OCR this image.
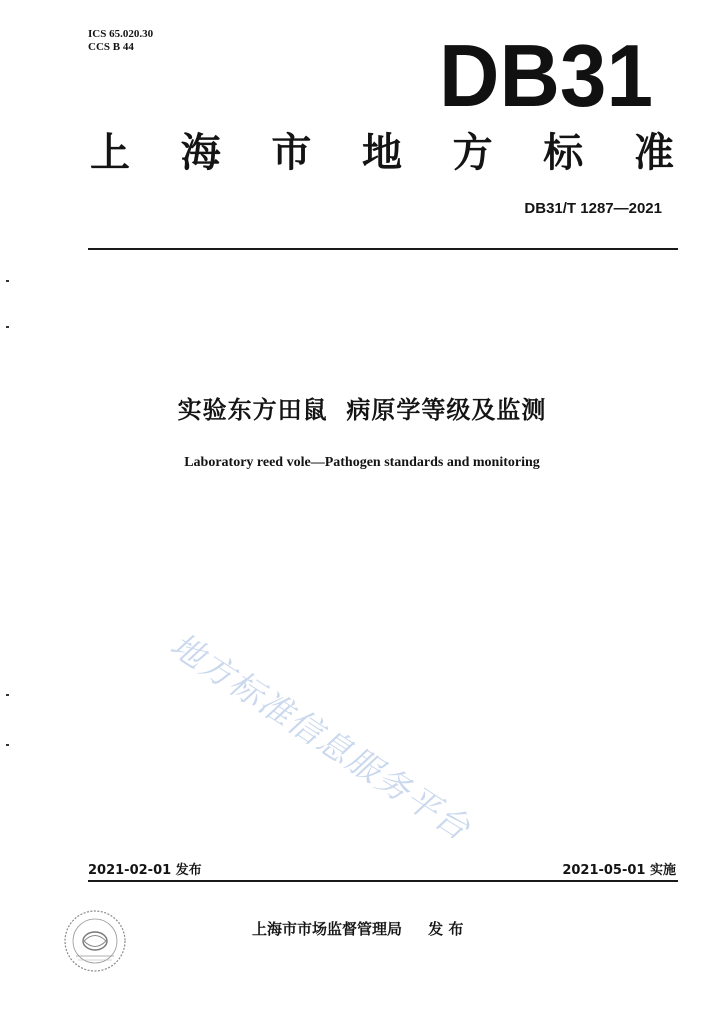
ICS 65.020.30
CCS B 44	DB31
上 海 市 地 方 标 准
DB31/T 1287—2021
实验东方田鼠  病原学等级及监测
Laboratory reed vole—Pathogen standards and monitoring
地方标准信息服务平台
2021-02-01 发布	2021-05-01 实施
上海市市场监督管理局     发 布
